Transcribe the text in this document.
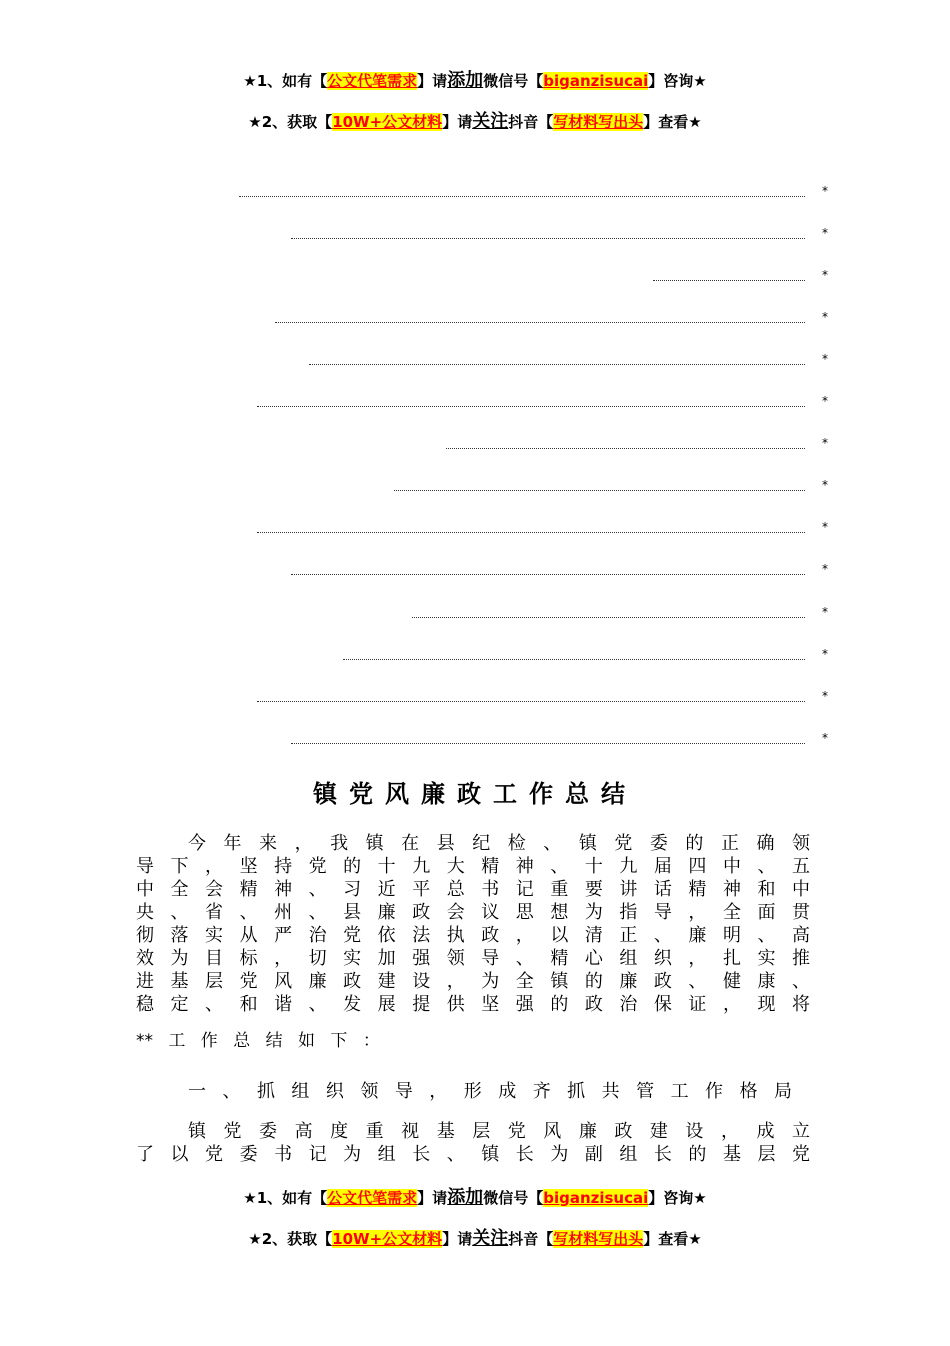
★1、如有【公文代笔需求】请添加微信号【biganzisucai】咨询★
★2、获取【10W+公文材料】请关注抖音【写材料写出头】查看★
*
*
*
*
*
*
*
*
*
*
*
*
*
*
镇党风廉政工作总结
今年来，我镇在县纪检、镇党委的正确领
导下，坚持党的十九大精神、十九届四中、五
中全会精神、习近平总书记重要讲话精神和中
央、省、州、县廉政会议思想为指导，全面贯
彻落实从严治党依法执政，以清正、廉明、高
效为目标，切实加强领导、精心组织，扎实推
进基层党风廉政建设，为全镇的廉政、健康、
稳定、和谐、发展提供坚强的政治保证，现将
** 工 作 总 结 如 下 ：
一、抓组织领导，形成齐抓共管工作格局
镇党委高度重视基层党风廉政建设，成立
了以党委书记为组长、镇长为副组长的基层党
★1、如有【公文代笔需求】请添加微信号【biganzisucai】咨询★
★2、获取【10W+公文材料】请关注抖音【写材料写出头】查看★
